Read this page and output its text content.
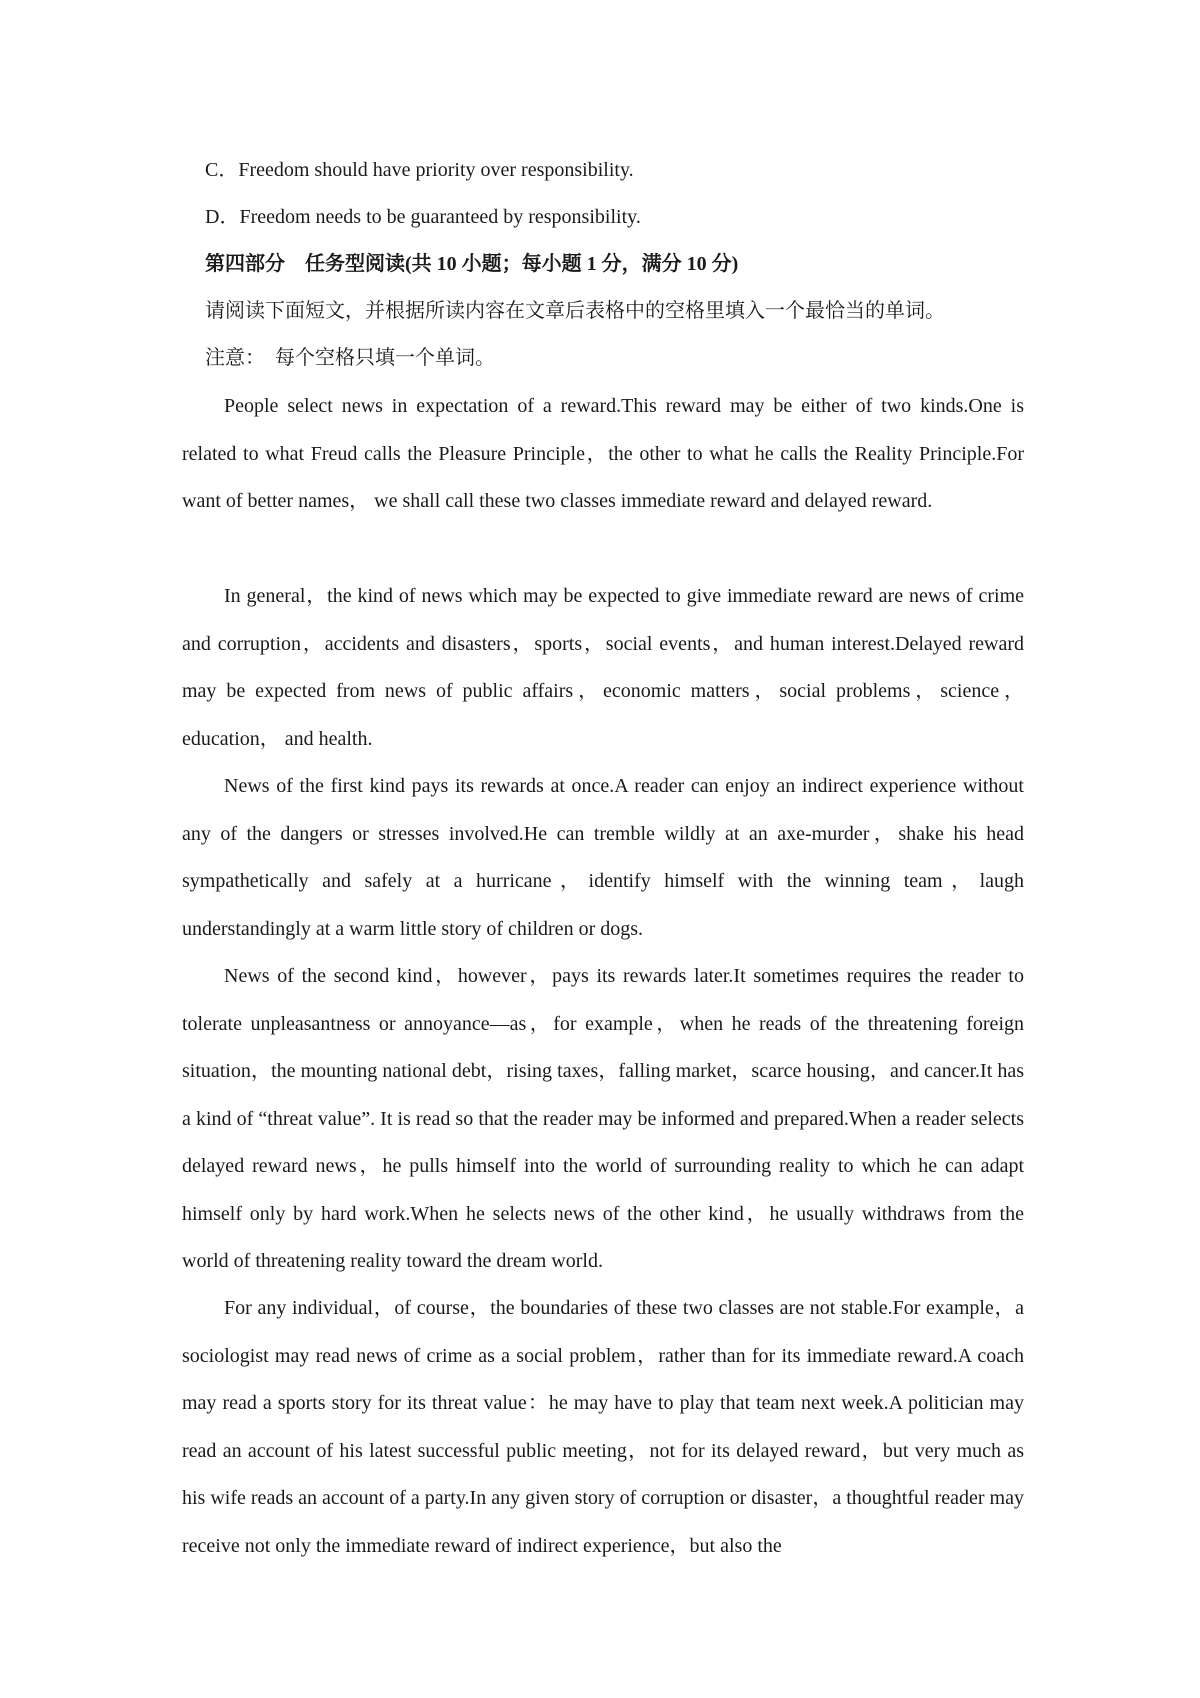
C．Freedom should have priority over responsibility.
D．Freedom needs to be guaranteed by responsibility.
第四部分　任务型阅读(共 10 小题；每小题 1 分，满分 10 分)
请阅读下面短文，并根据所读内容在文章后表格中的空格里填入一个最恰当的单词。
注意：　每个空格只填一个单词。
People select news in expectation of a reward.This reward may be either of two kinds.One is related to what Freud calls the Pleasure Principle，the other to what he calls the Reality Principle.For want of better names， we shall call these two classes immediate reward and delayed reward.
In general，the kind of news which may be expected to give immediate reward are news of crime and corruption，accidents and disasters，sports，social events，and human interest.Delayed reward may be expected from news of public affairs，economic matters，social problems，science，education， and health.
News of the first kind pays its rewards at once.A reader can enjoy an indirect experience without any of the dangers or stresses involved.He can tremble wildly at an axe-murder，shake his head sympathetically and safely at a hurricane，identify himself with the winning team，laugh understandingly at a warm little story of children or dogs.
News of the second kind，however，pays its rewards later.It sometimes requires the reader to tolerate unpleasantness or annoyance—as，for example，when he reads of the threatening foreign situation，the mounting national debt，rising taxes，falling market，scarce housing，and cancer.It has a kind of “threat value”. It is read so that the reader may be informed and prepared.When a reader selects delayed reward news，he pulls himself into the world of surrounding reality to which he can adapt himself only by hard work.When he selects news of the other kind，he usually withdraws from the world of threatening reality toward the dream world.
For any individual，of course，the boundaries of these two classes are not stable.For example，a sociologist may read news of crime as a social problem，rather than for its immediate reward.A coach may read a sports story for its threat value：he may have to play that team next week.A politician may read an account of his latest successful public meeting，not for its delayed reward，but very much as his wife reads an account of a party.In any given story of corruption or disaster，a thoughtful reader may receive not only the immediate reward of indirect experience，but also the
